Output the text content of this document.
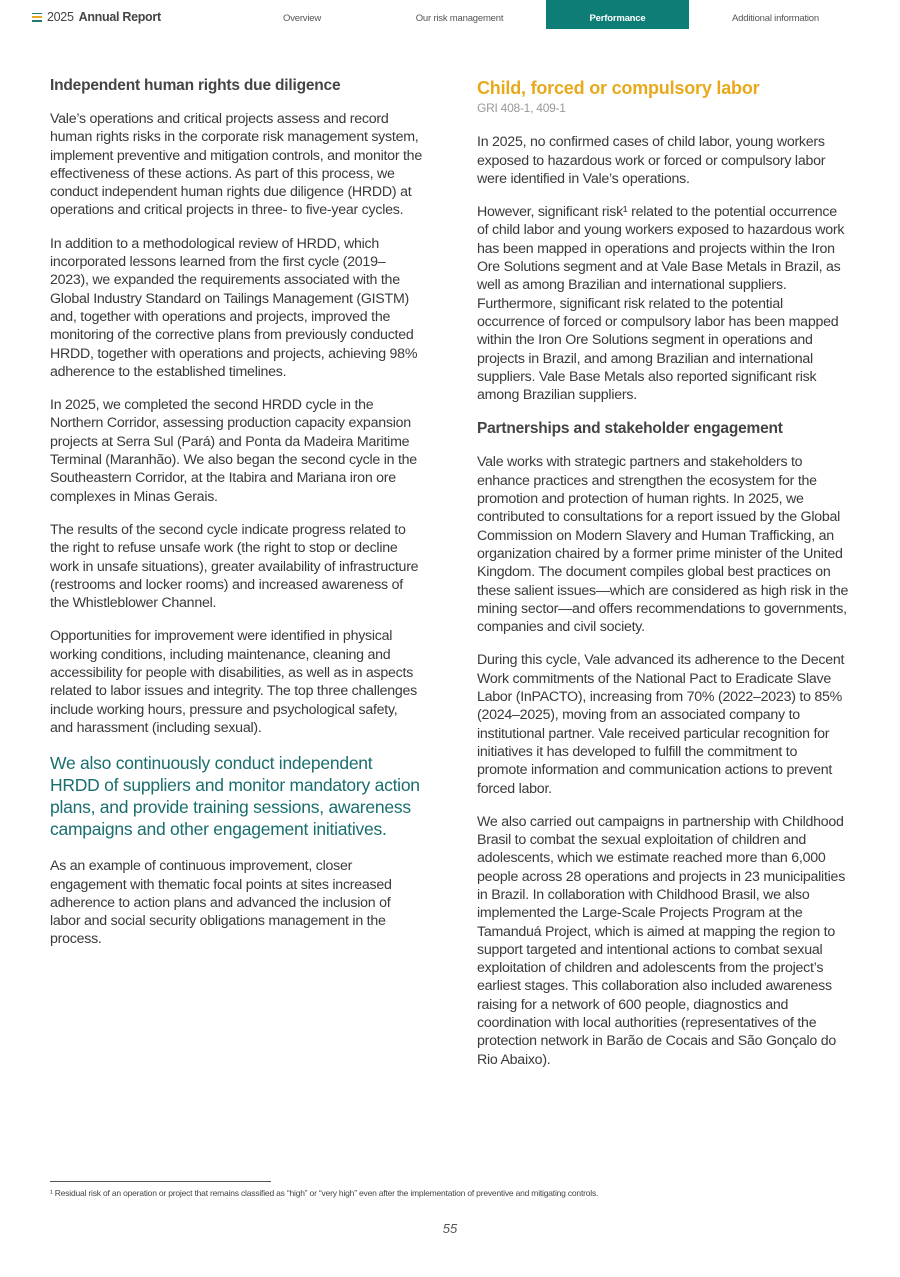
2025 Annual Report	Overview	Our risk management	Performance	Additional information
Independent human rights due diligence

Vale’s operations and critical projects assess and record human rights risks in the corporate risk management system, implement preventive and mitigation controls, and monitor the effectiveness of these actions. As part of this process, we conduct independent human rights due diligence (HRDD) at operations and critical projects in three- to five-year cycles.

In addition to a methodological review of HRDD, which incorporated lessons learned from the first cycle (2019–2023), we expanded the requirements associated with the Global Industry Standard on Tailings Management (GISTM) and, together with operations and projects, improved the monitoring of the corrective plans from previously conducted HRDD, together with operations and projects, achieving 98% adherence to the established timelines.

In 2025, we completed the second HRDD cycle in the Northern Corridor, assessing production capacity expansion projects at Serra Sul (Pará) and Ponta da Madeira Maritime Terminal (Maranhão). We also began the second cycle in the Southeastern Corridor, at the Itabira and Mariana iron ore complexes in Minas Gerais.

The results of the second cycle indicate progress related to the right to refuse unsafe work (the right to stop or decline work in unsafe situations), greater availability of infrastructure (restrooms and locker rooms) and increased awareness of the Whistleblower Channel.

Opportunities for improvement were identified in physical working conditions, including maintenance, cleaning and accessibility for people with disabilities, as well as in aspects related to labor issues and integrity. The top three challenges include working hours, pressure and psychological safety, and harassment (including sexual).

We also continuously conduct independent HRDD of suppliers and monitor mandatory action plans, and provide training sessions, awareness campaigns and other engagement initiatives.

As an example of continuous improvement, closer engagement with thematic focal points at sites increased adherence to action plans and advanced the inclusion of labor and social security obligations management in the process.

Child, forced or compulsory labor
GRI 408-1, 409-1

In 2025, no confirmed cases of child labor, young workers exposed to hazardous work or forced or compulsory labor were identified in Vale’s operations.

However, significant risk¹ related to the potential occurrence of child labor and young workers exposed to hazardous work has been mapped in operations and projects within the Iron Ore Solutions segment and at Vale Base Metals in Brazil, as well as among Brazilian and international suppliers. Furthermore, significant risk related to the potential occurrence of forced or compulsory labor has been mapped within the Iron Ore Solutions segment in operations and projects in Brazil, and among Brazilian and international suppliers. Vale Base Metals also reported significant risk among Brazilian suppliers.

Partnerships and stakeholder engagement

Vale works with strategic partners and stakeholders to enhance practices and strengthen the ecosystem for the promotion and protection of human rights. In 2025, we contributed to consultations for a report issued by the Global Commission on Modern Slavery and Human Trafficking, an organization chaired by a former prime minister of the United Kingdom. The document compiles global best practices on these salient issues—which are considered as high risk in the mining sector—and offers recommendations to governments, companies and civil society.

During this cycle, Vale advanced its adherence to the Decent Work commitments of the National Pact to Eradicate Slave Labor (InPACTO), increasing from 70% (2022–2023) to 85% (2024–2025), moving from an associated company to institutional partner. Vale received particular recognition for initiatives it has developed to fulfill the commitment to promote information and communication actions to prevent forced labor.

We also carried out campaigns in partnership with Childhood Brasil to combat the sexual exploitation of children and adolescents, which we estimate reached more than 6,000 people across 28 operations and projects in 23 municipalities in Brazil. In collaboration with Childhood Brasil, we also implemented the Large-Scale Projects Program at the Tamanduá Project, which is aimed at mapping the region to support targeted and intentional actions to combat sexual exploitation of children and adolescents from the project’s earliest stages. This collaboration also included awareness raising for a network of 600 people, diagnostics and coordination with local authorities (representatives of the protection network in Barão de Cocais and São Gonçalo do Rio Abaixo).

¹ Residual risk of an operation or project that remains classified as “high” or “very high” even after the implementation of preventive and mitigating controls.
55
